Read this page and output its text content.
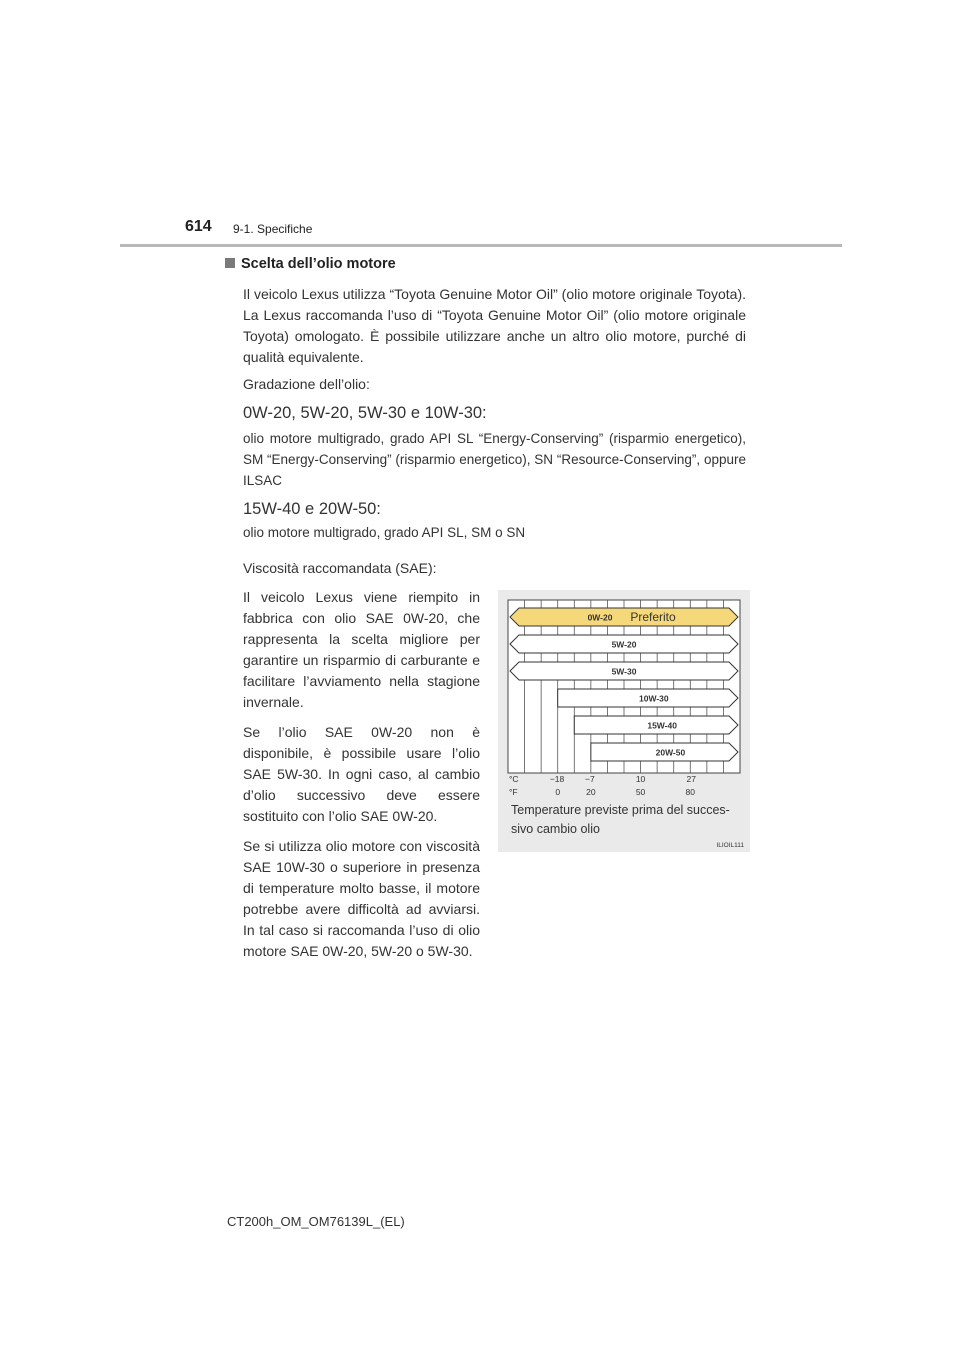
614 9-1. Specifiche
Scelta dell’olio motore

Il veicolo Lexus utilizza “Toyota Genuine Motor Oil” (olio motore originale Toyota). La Lexus raccomanda l’uso di “Toyota Genuine Motor Oil” (olio motore originale Toyota) omologato. È possibile utilizzare anche un altro olio motore, purché di qualità equivalente.

Gradazione dell’olio:

0W-20, 5W-20, 5W-30 e 10W-30:

olio motore multigrado, grado API SL “Energy-Conserving” (risparmio energetico), SM “Energy-Conserving” (risparmio energetico), SN “Resource-Conserving”, oppure ILSAC

15W-40 e 20W-50:

olio motore multigrado, grado API SL, SM o SN

Viscosità raccomandata (SAE):

Il veicolo Lexus viene riempito in fabbrica con olio SAE 0W-20, che rappresenta la scelta migliore per garantire un risparmio di carburante e facilitare l’avviamento nella stagione invernale.

Se l’olio SAE 0W-20 non è disponibile, è possibile usare l’olio SAE 5W-30. In ogni caso, al cambio d’olio successivo deve essere sostituito con l’olio SAE 0W-20.

Se si utilizza olio motore con viscosità SAE 10W-30 o superiore in presenza di temperature molto basse, il motore potrebbe avere difficoltà ad avviarsi. In tal caso si raccomanda l’uso di olio motore SAE 0W-20, 5W-20 o 5W-30.

0W-20 Preferito
5W-20
5W-30
10W-30
15W-40
20W-50
−18 −7	10	27
0	20	50	80
°C
°F
Temperature previste prima del succes-
sivo cambio olio
ILIOIL111
CT200h_OM_OM76139L_(EL)
